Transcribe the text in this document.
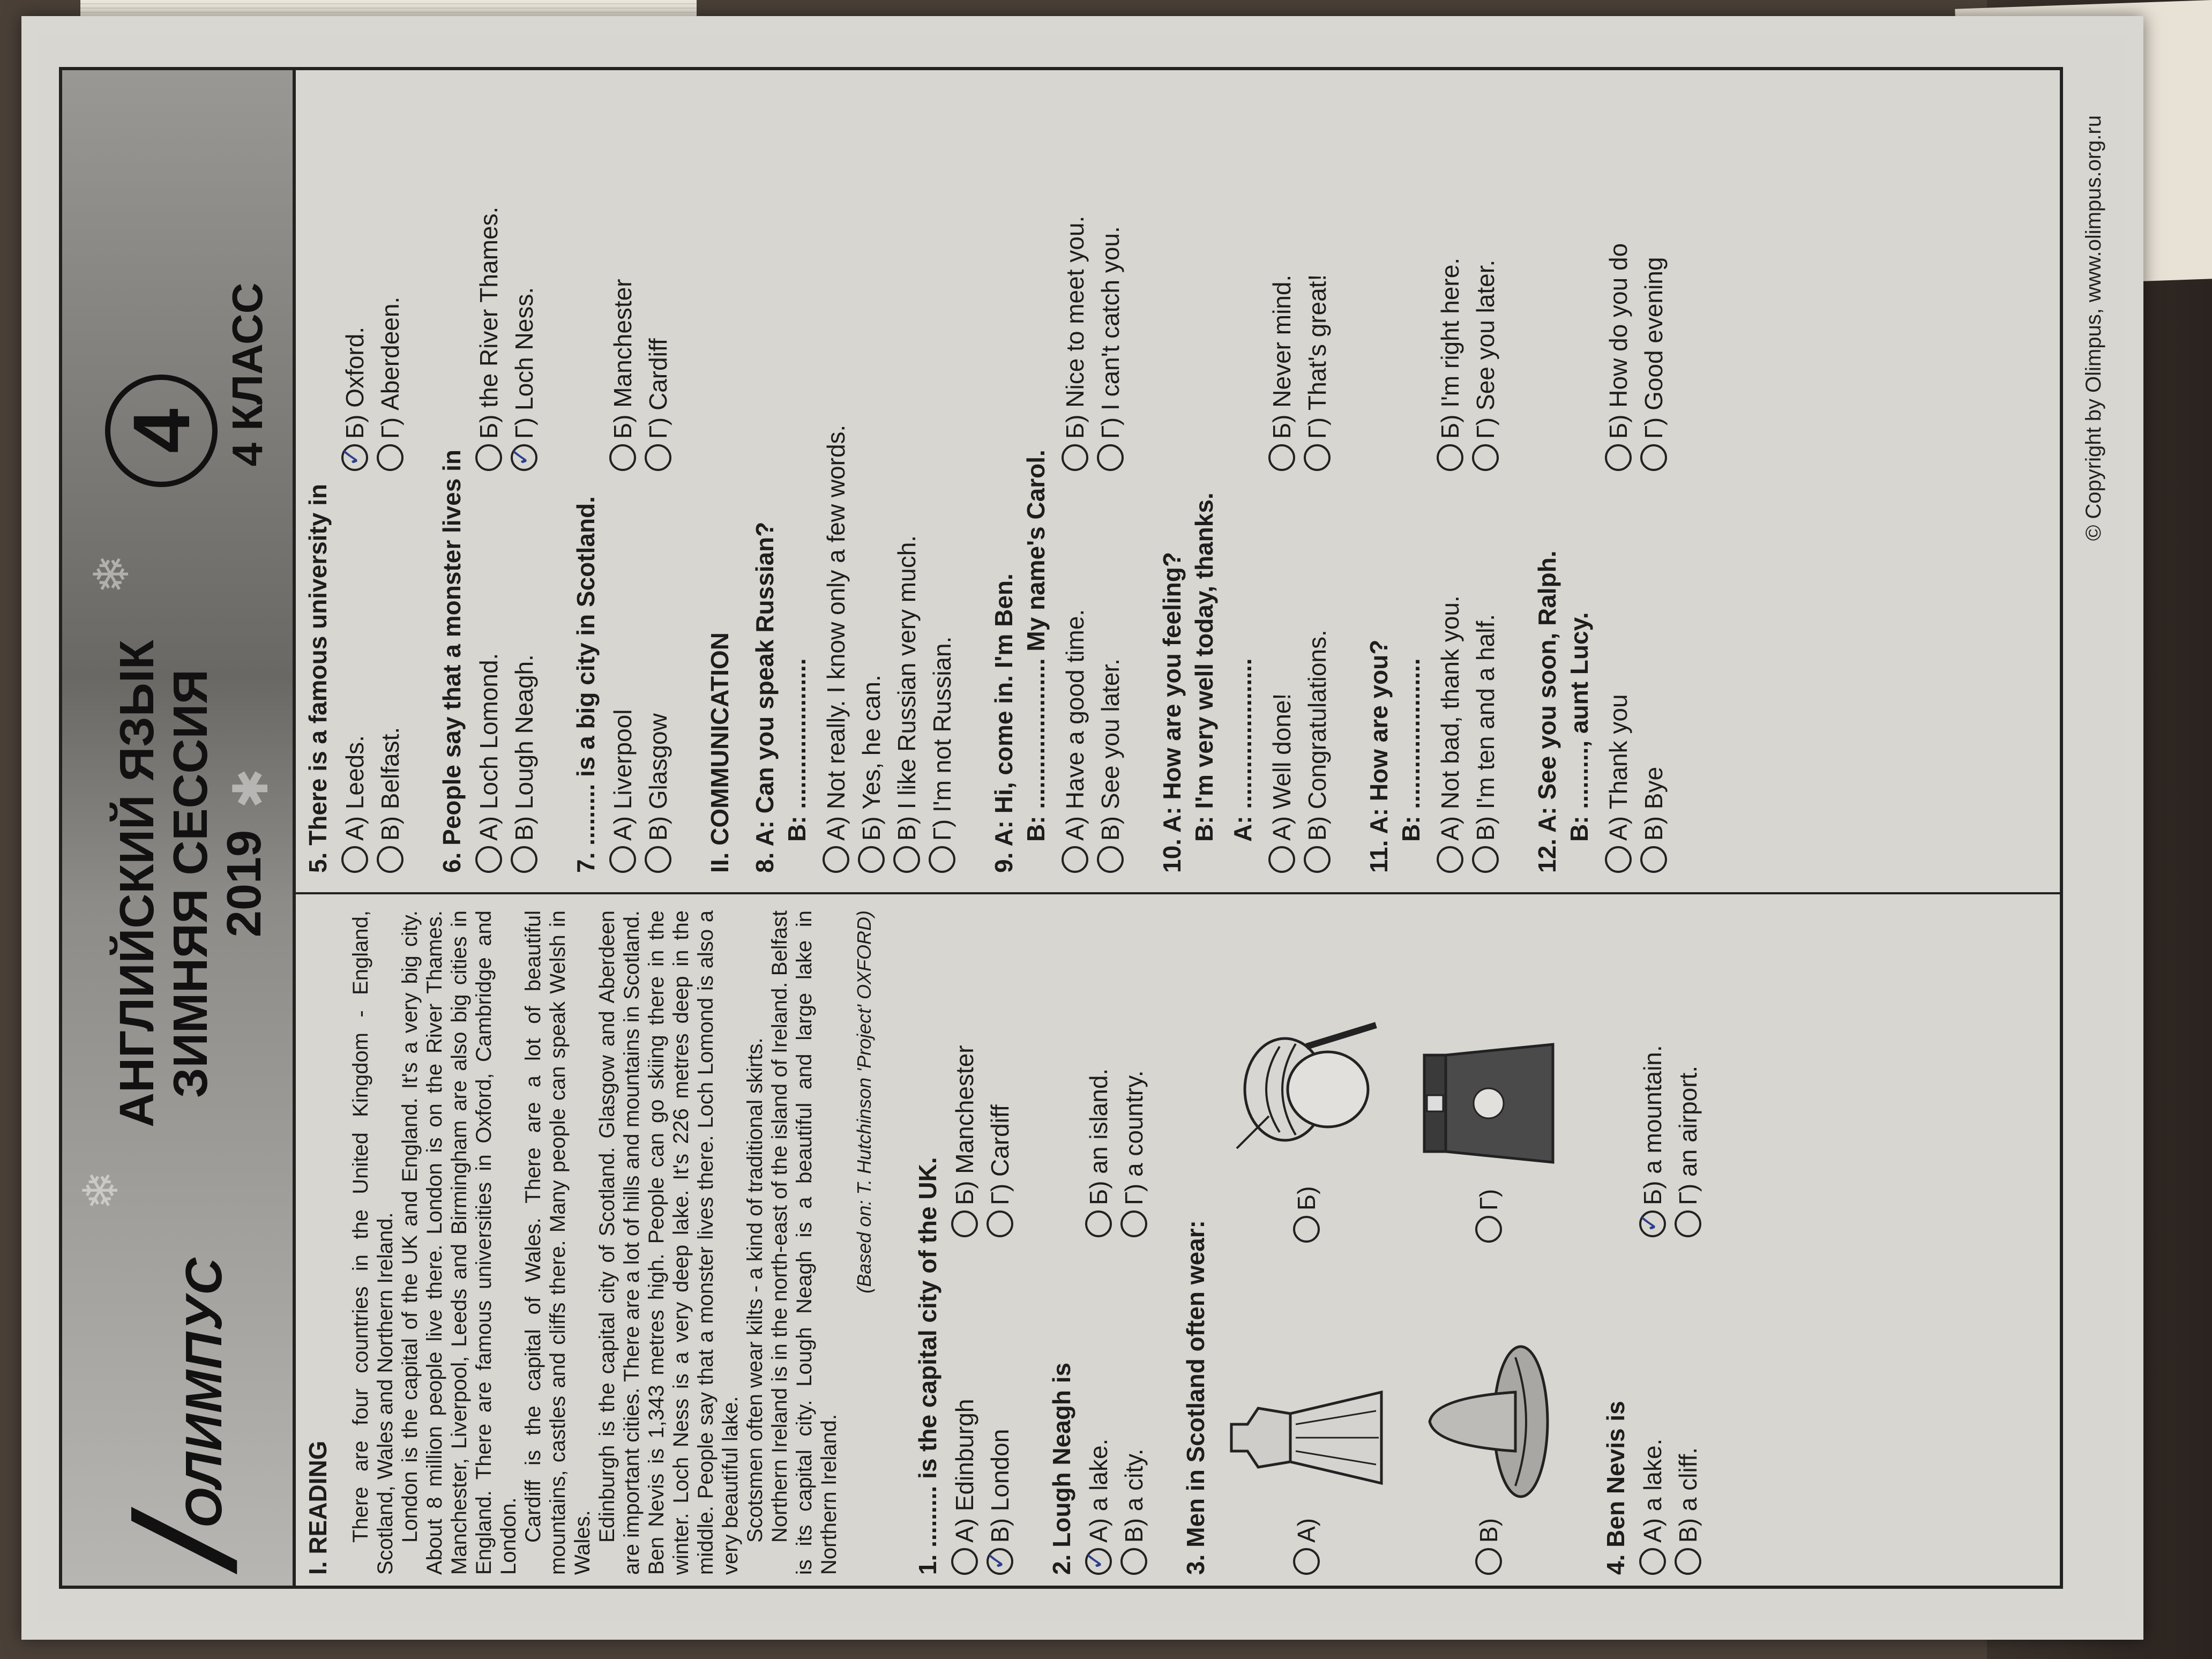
❄
❄
✱
/
ОЛИМПУС
АНГЛИЙСКИЙ ЯЗЫК ЗИМНЯЯ СЕССИЯ 2019
4 4 КЛАСС
I. READING There are four countries in the United Kingdom - England, Scotland, Wales and Northern Ireland. London is the capital of the UK and England. It's a very big city. About 8 million people live there. London is on the River Thames. Manchester, Liverpool, Leeds and Birmingham are also big cities in England. There are famous universities in Oxford, Cambridge and London. Cardiff is the capital of Wales. There are a lot of beautiful mountains, castles and cliffs there. Many people can speak Welsh in Wales. Edinburgh is the capital city of Scotland. Glasgow and Aberdeen are important cities. There are a lot of hills and mountains in Scotland. Ben Nevis is 1,343 metres high. People can go skiing there in the winter. Loch Ness is a very deep lake. It's 226 metres deep in the middle. People say that a monster lives there. Loch Lomond is also a very beautiful lake. Scotsmen often wear kilts - a kind of traditional skirts. Northern Ireland is in the north-east of the island of Ireland. Belfast is its capital city. Lough Neagh is a beautiful and large lake in Northern Ireland.

(Based on: T. Hutchinson 'Project' OXFORD)
1. ......... is the capital city of the UK. А) Edinburgh
Б) Manchester
✓
В) London
Г) Cardiff
2. Lough Neagh is
✓ А) a lake.
Б) an island.
В) a city.
Г) a country.
3. Men in Scotland often wear:	А)
Б)
В)
Г)
4. Ben Nevis is А) a lake.
✓
Б) a mountain.
В) a cliff.
Г) an airport.
5. There is a famous university in А) Leeds.
✓
Б) Oxford.
В) Belfast.
Г) Aberdeen.
6. People say that a monster lives in А) Loch Lomond.
Б) the River Thames.
В) Lough Neagh.
✓
Г) Loch Ness.
7. ......... is a big city in Scotland. А) Liverpool
Б) Manchester
В) Glasgow
Г) Cardiff
II. COMMUNICATION 8. A: Can you speak Russian? B: ...................... А) Not really. I know only a few words. Б) Yes, he can. В) I like Russian very much. Г) I'm not Russian. 9. A: Hi, come in. I'm Ben. B: ...................... My name's Carol. А) Have a good time.
Б) Nice to meet you.
В) See you later.
Г) I can't catch you.
10. A: How are you feeling? B: I'm very well today, thanks. A: ...................... А) Well done!
Б) Never mind.
В) Congratulations.
Г) That's great!
11. A: How are you? B: ...................... А) Not bad, thank you.
Б) I'm right here.
В) I'm ten and a half.
Г) See you later.
12. A: See you soon, Ralph. B: ........., aunt Lucy. А) Thank you
Б) How do you do
В) Bye
Г) Good evening	© Copyright by Olimpus, www.olimpus.org.ru
